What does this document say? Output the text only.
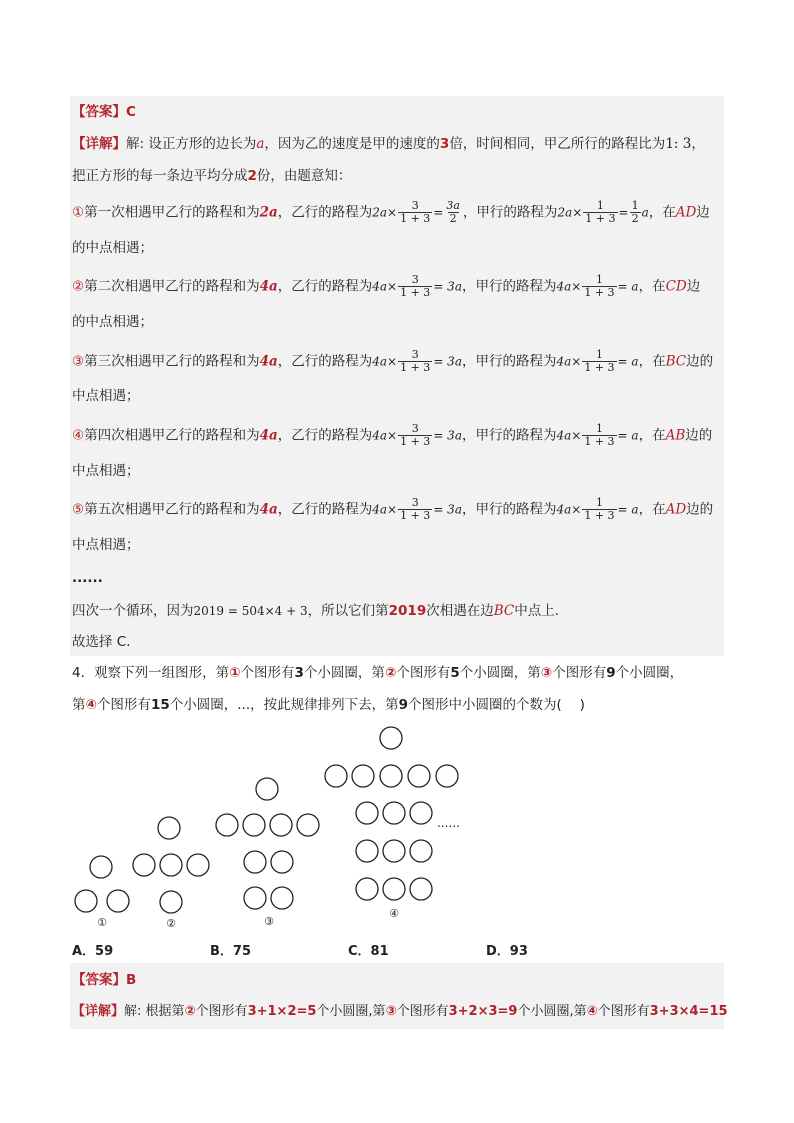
【答案】C
【详解】解: 设正方形的边长为a，因为乙的速度是甲的速度的3倍，时间相同，甲乙所行的路程比为1: 3，
把正方形的每一条边平均分成2份，由题意知：
①第一次相遇甲乙行的路程和为2a，乙行的路程为$2a\times \frac{3}{1 + 3} = \frac{3a}{2}$ ，甲行的路程为$2a\times \frac{1}{1 + 3} = \frac{1}{2}$ a，在AD边
的中点相遇；
②第二次相遇甲乙行的路程和为4a，乙行的路程为$4a\times \frac{3}{1 + 3} = 3a$，甲行的路程为$4a\times \frac{1}{1 + 3} = a$，在CD边
的中点相遇；
③第三次相遇甲乙行的路程和为4a，乙行的路程为$4a\times \frac{3}{1 + 3} = 3a$，甲行的路程为$4a\times \frac{1}{1 + 3} = a$，在BC边的
中点相遇；
④第四次相遇甲乙行的路程和为4a，乙行的路程为$4a\times \frac{3}{1 + 3} = 3a$，甲行的路程为$4a\times \frac{1}{1 + 3} = a$，在AB边的
中点相遇；
⑤第五次相遇甲乙行的路程和为4a，乙行的路程为$4a\times \frac{3}{1 + 3} = 3a$，甲行的路程为$4a\times \frac{1}{1 + 3} = a$，在AD边的
中点相遇；
......
四次一个循环，因为2019 = 504×4 + 3，所以它们第2019次相遇在边BC中点上．
故选择 C．
4．观察下列一组图形，第①个图形有3个小圆圈，第②个图形有5个小圆圈，第③个图形有9个小圆圈，
第④个图形有15个小圆圈，...，按此规律排列下去，第9个图形中小圆圈的个数为(　 )
①	②	③
④
......
A．59	B．75	C．81	D．93
【答案】B
【详解】解: 根据第②个图形有3+1×2=5个小圆圈,第③个图形有3+2×3=9个小圆圈,第④个图形有3+3×4=15
